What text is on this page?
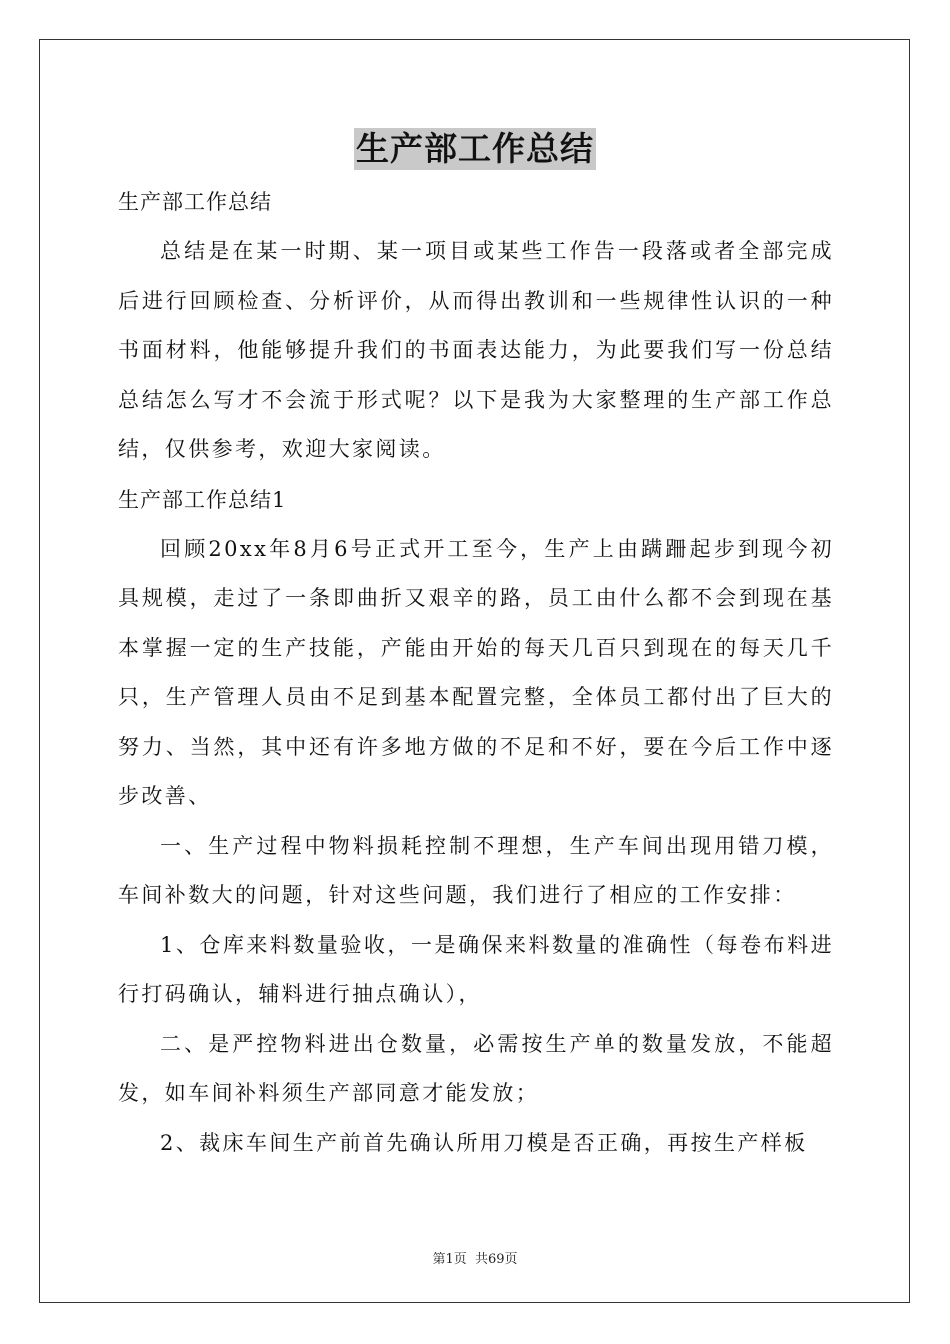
生产部工作总结
生产部工作总结

总结是在某一时期、某一项目或某些工作告一段落或者全部完成后进行回顾检查、分析评价，从而得出教训和一些规律性认识的一种书面材料，他能够提升我们的书面表达能力，为此要我们写一份总结总结怎么写才不会流于形式呢？以下是我为大家整理的生产部工作总结，仅供参考，欢迎大家阅读。

生产部工作总结1

回顾20xx年8月6号正式开工至今，生产上由蹒跚起步到现今初具规模，走过了一条即曲折又艰辛的路，员工由什么都不会到现在基本掌握一定的生产技能，产能由开始的每天几百只到现在的每天几千只，生产管理人员由不足到基本配置完整，全体员工都付出了巨大的努力、当然，其中还有许多地方做的不足和不好，要在今后工作中逐步改善、

一、生产过程中物料损耗控制不理想，生产车间出现用错刀模，车间补数大的问题，针对这些问题，我们进行了相应的工作安排：

1、仓库来料数量验收，一是确保来料数量的准确性（每卷布料进行打码确认，辅料进行抽点确认），

二、是严控物料进出仓数量，必需按生产单的数量发放，不能超发，如车间补料须生产部同意才能发放；

2、裁床车间生产前首先确认所用刀模是否正确，再按生产样板

第1页 共69页
